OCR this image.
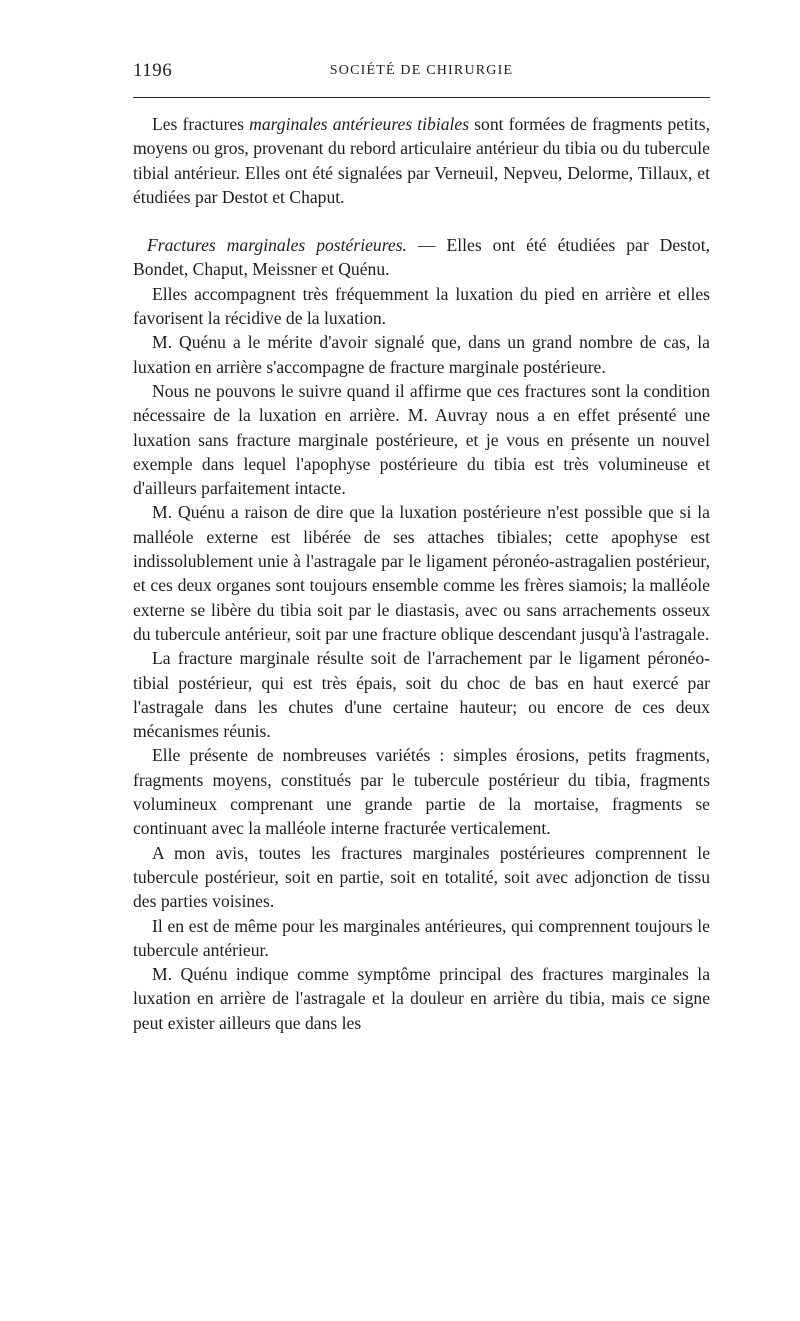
1196	SOCIÉTÉ DE CHIRURGIE

Les fractures marginales antérieures tibiales sont formées de fragments petits, moyens ou gros, provenant du rebord articulaire antérieur du tibia ou du tubercule tibial antérieur. Elles ont été signalées par Verneuil, Nepveu, Delorme, Tillaux, et étudiées par Destot et Chaput.

Fractures marginales postérieures. — Elles ont été étudiées par Destot, Bondet, Chaput, Meissner et Quénu.

Elles accompagnent très fréquemment la luxation du pied en arrière et elles favorisent la récidive de la luxation.

M. Quénu a le mérite d'avoir signalé que, dans un grand nombre de cas, la luxation en arrière s'accompagne de fracture marginale postérieure.

Nous ne pouvons le suivre quand il affirme que ces fractures sont la condition nécessaire de la luxation en arrière. M. Auvray nous a en effet présenté une luxation sans fracture marginale postérieure, et je vous en présente un nouvel exemple dans lequel l'apophyse postérieure du tibia est très volumineuse et d'ailleurs parfaitement intacte.

M. Quénu a raison de dire que la luxation postérieure n'est possible que si la malléole externe est libérée de ses attaches tibiales; cette apophyse est indissolublement unie à l'astragale par le ligament péronéo-astragalien postérieur, et ces deux organes sont toujours ensemble comme les frères siamois; la malléole externe se libère du tibia soit par le diastasis, avec ou sans arrachements osseux du tubercule antérieur, soit par une fracture oblique descendant jusqu'à l'astragale.

La fracture marginale résulte soit de l'arrachement par le ligament péronéo-tibial postérieur, qui est très épais, soit du choc de bas en haut exercé par l'astragale dans les chutes d'une certaine hauteur; ou encore de ces deux mécanismes réunis.

Elle présente de nombreuses variétés : simples érosions, petits fragments, fragments moyens, constitués par le tubercule postérieur du tibia, fragments volumineux comprenant une grande partie de la mortaise, fragments se continuant avec la malléole interne fracturée verticalement.

A mon avis, toutes les fractures marginales postérieures comprennent le tubercule postérieur, soit en partie, soit en totalité, soit avec adjonction de tissu des parties voisines.

Il en est de même pour les marginales antérieures, qui comprennent toujours le tubercule antérieur.

M. Quénu indique comme symptôme principal des fractures marginales la luxation en arrière de l'astragale et la douleur en arrière du tibia, mais ce signe peut exister ailleurs que dans les
